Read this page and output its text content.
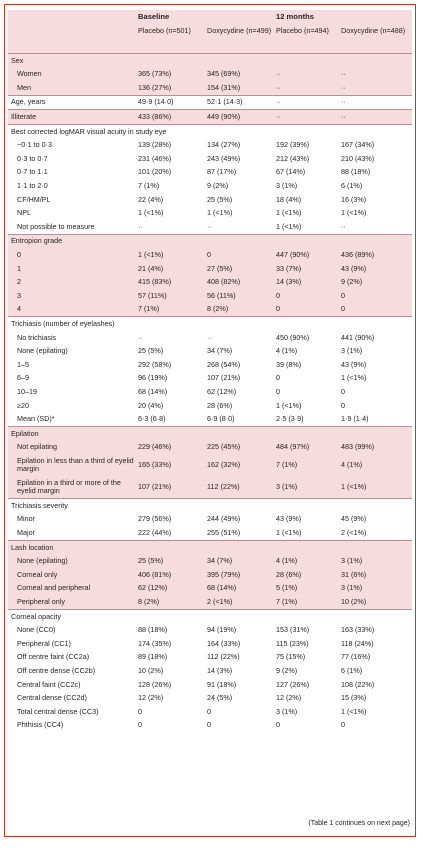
	Baseline		12 months	
	Placebo (n=501)	Doxycydine (n=499)	Placebo (n=494)	Doxycydine (n=488)
Sex				
Women	365 (73%)	345 (69%)	··	··
Men	136 (27%)	154 (31%)	··	··
Age, years	49·9 (14·0)	52·1 (14·3)	··	··
Illiterate	433 (86%)	449 (90%)	··	··
Best corrected logMAR visual acuity in study eye				
−0·1 to 0·3	139 (28%)	134 (27%)	192 (39%)	167 (34%)
0·3 to 0·7	231 (46%)	243 (49%)	212 (43%)	210 (43%)
0·7 to 1·1	101 (20%)	87 (17%)	67 (14%)	88 (18%)
1·1 to 2·0	7 (1%)	9 (2%)	3 (1%)	6 (1%)
CF/HM/PL	22 (4%)	25 (5%)	18 (4%)	16 (3%)
NPL	1 (<1%)	1 (<1%)	1 (<1%)	1 (<1%)
Not possible to measure	··	··	1 (<1%)	··
Entropion grade				
0	1 (<1%)	0	447 (90%)	436 (89%)
1	21 (4%)	27 (5%)	33 (7%)	43 (9%)
2	415 (83%)	408 (82%)	14 (3%)	9 (2%)
3	57 (11%)	56 (11%)	0	0
4	7 (1%)	8 (2%)	0	0
Trichiasis (number of eyelashes)				
No trichiasis	··	··	450 (90%)	441 (90%)
None (epilating)	25 (5%)	34 (7%)	4 (1%)	3 (1%)
1–5	292 (58%)	268 (54%)	39 (8%)	43 (9%)
6–9	96 (19%)	107 (21%)	0	1 (<1%)
10–19	68 (14%)	62 (12%)	0	0
≥20	20 (4%)	28 (6%)	1 (<1%)	0
Mean (SD)*	6·3 (6·8)	6·9 (8·0)	2·5 (3·9)	1·9 (1·4)
Epilation				
Not epilating	229 (46%)	225 (45%)	484 (97%)	483 (99%)
Epilation in less than a third of eyelid margin	165 (33%)	162 (32%)	7 (1%)	4 (1%)
Epilation in a third or more of the eyelid margin	107 (21%)	112 (22%)	3 (1%)	1 (<1%)
Trichiasis severity				
Minor	279 (56%)	244 (49%)	43 (9%)	45 (9%)
Major	222 (44%)	255 (51%)	1 (<1%)	2 (<1%)
Lash location				
None (epilating)	25 (5%)	34 (7%)	4 (1%)	3 (1%)
Corneal only	406 (81%)	395 (79%)	28 (6%)	31 (6%)
Corneal and peripheral	62 (12%)	68 (14%)	5 (1%)	3 (1%)
Peripheral only	8 (2%)	2 (<1%)	7 (1%)	10 (2%)
Corneal opacity				
None (CC0)	88 (18%)	94 (19%)	153 (31%)	163 (33%)
Peripheral (CC1)	174 (35%)	164 (33%)	115 (23%)	118 (24%)
Off centre faint (CC2a)	89 (18%)	112 (22%)	75 (15%)	77 (16%)
Off centre dense (CC2b)	10 (2%)	14 (3%)	9 (2%)	6 (1%)
Central faint (CC2c)	128 (26%)	91 (18%)	127 (26%)	108 (22%)
Central dense (CC2d)	12 (2%)	24 (5%)	12 (2%)	15 (3%)
Total central dense (CC3)	0	0	3 (1%)	1 (<1%)
Phthisis (CC4)	0	0	0	0
(Table 1 continues on next page)
